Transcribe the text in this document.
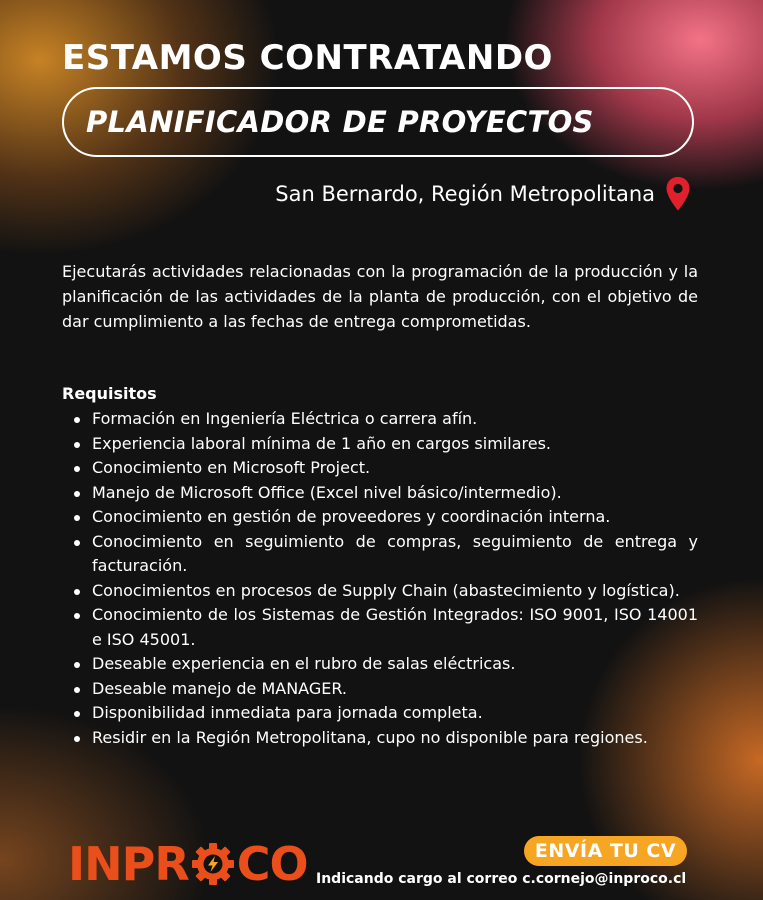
ESTAMOS CONTRATANDO
PLANIFICADOR DE PROYECTOS
San Bernardo, Región Metropolitana

Ejecutarás actividades relacionadas con la programación de la producción y la planificación de las actividades de la planta de producción, con el objetivo de dar cumplimiento a las fechas de entrega comprometidas.

Requisitos
Formación en Ingeniería Eléctrica o carrera afín.
Experiencia laboral mínima de 1 año en cargos similares.
Conocimiento en Microsoft Project.
Manejo de Microsoft Office (Excel nivel básico/intermedio).
Conocimiento en gestión de proveedores y coordinación interna.
Conocimiento en seguimiento de compras, seguimiento de entrega y facturación.
Conocimientos en procesos de Supply Chain (abastecimiento y logística).
Conocimiento de los Sistemas de Gestión Integrados: ISO 9001, ISO 14001 e ISO 45001.
Deseable experiencia en el rubro de salas eléctricas.
Deseable manejo de MANAGER.
Disponibilidad inmediata para jornada completa.
Residir en la Región Metropolitana, cupo no disponible para regiones.
INPR CO	ENVÍA TU CV
Indicando cargo al correo c.cornejo@inproco.cl
